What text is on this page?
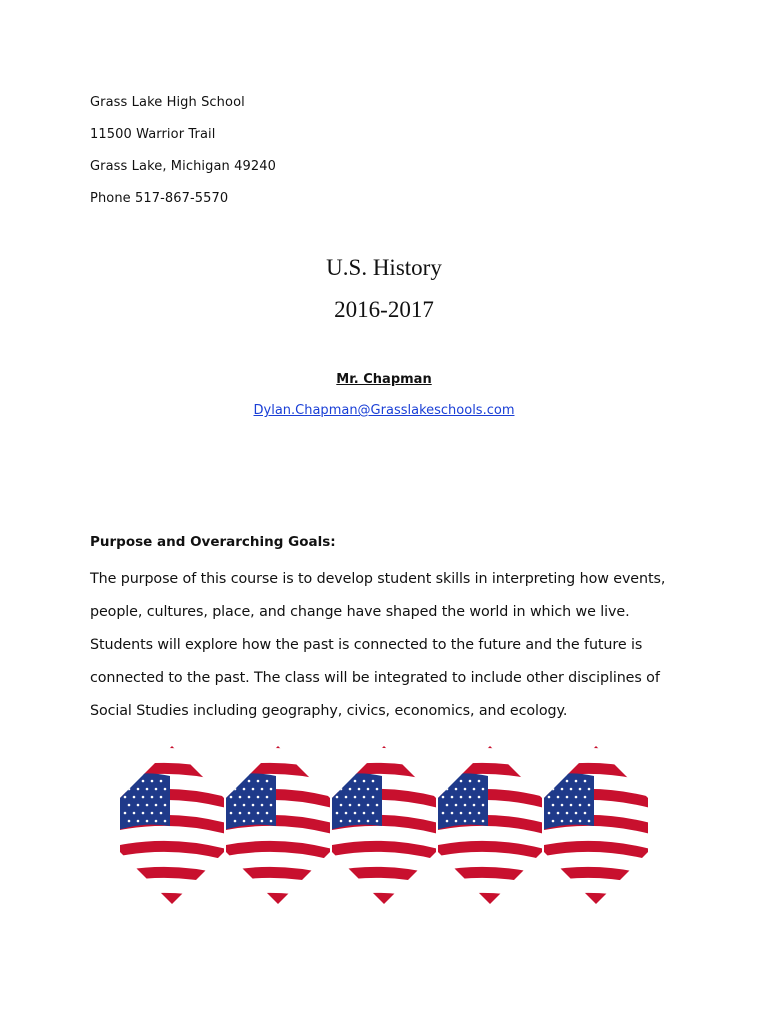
Grass Lake High School
11500 Warrior Trail
Grass Lake, Michigan 49240
Phone 517-867-5570
U.S. History
2016-2017
Mr. Chapman
Dylan.Chapman@Grasslakeschools.com
Purpose and Overarching Goals:

The purpose of this course is to develop student skills in interpreting how events, people, cultures, place, and change have shaped the world in which we live. Students will explore how the past is connected to the future and the future is connected to the past. The class will be integrated to include other disciplines of Social Studies including geography, civics, economics, and ecology.
